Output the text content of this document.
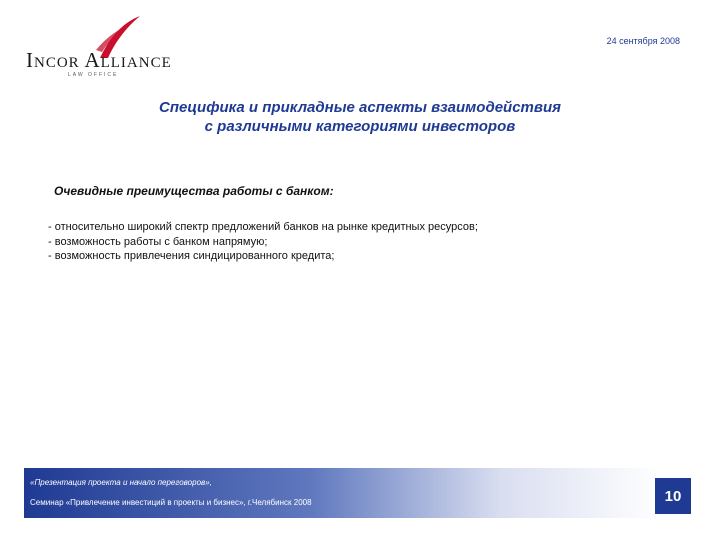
INCOR ALLIANCE
LAW OFFICE
24 сентября 2008
Специфика и прикладные аспекты взаимодействия
с различными категориями инвесторов
Очевидные преимущества работы с банком:
- относительно широкий спектр предложений банков на рынке кредитных ресурсов;
- возможность работы с банком напрямую;
- возможность привлечения синдицированного кредита;
«Презентация проекта и начало переговоров»,
Семинар «Привлечение инвестиций в проекты и бизнес», г.Челябинск 2008	10
